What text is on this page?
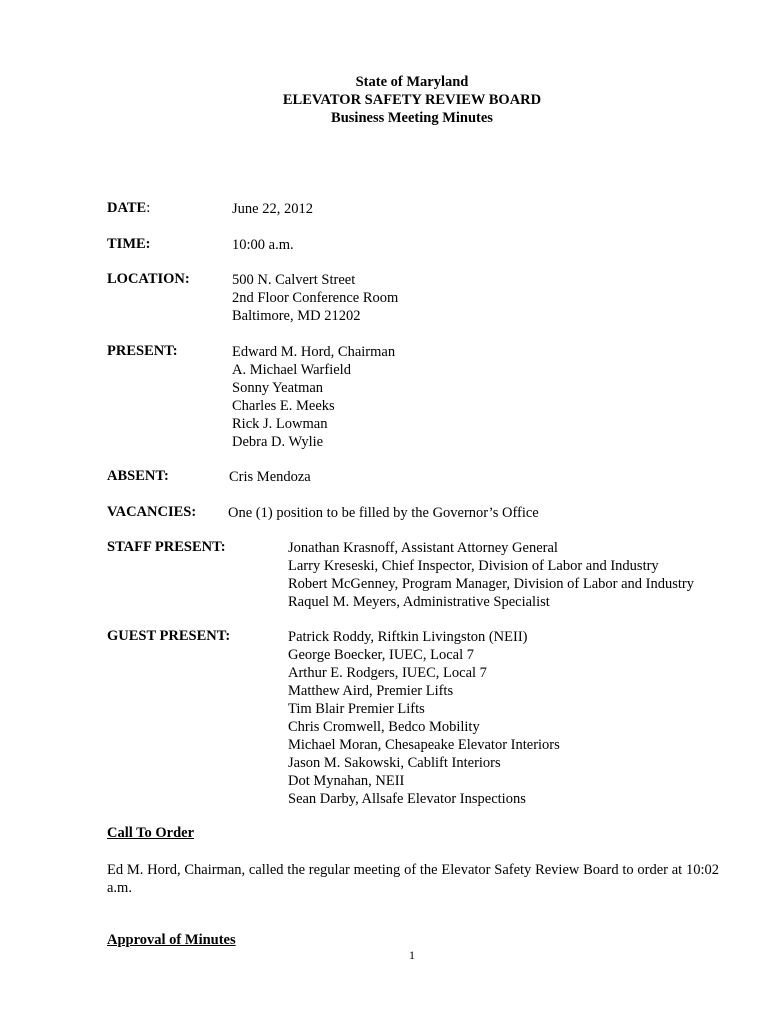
State of Maryland
ELEVATOR SAFETY REVIEW BOARD
Business Meeting Minutes
DATE:	June 22, 2012
TIME:	10:00 a.m.
LOCATION:	500 N. Calvert Street
2nd Floor Conference Room
Baltimore, MD 21202
PRESENT:	Edward M. Hord, Chairman
A. Michael Warfield
Sonny Yeatman
Charles E. Meeks
Rick J. Lowman
Debra D. Wylie
ABSENT:	Cris Mendoza
VACANCIES: One (1) position to be filled by the Governor’s Office
STAFF PRESENT:	Jonathan Krasnoff, Assistant Attorney General
Larry Kreseski, Chief Inspector, Division of Labor and Industry
Robert McGenney, Program Manager, Division of Labor and Industry
Raquel M. Meyers, Administrative Specialist
GUEST PRESENT:	Patrick Roddy, Riftkin Livingston (NEII)
George Boecker, IUEC, Local 7
Arthur E. Rodgers, IUEC, Local 7
Matthew Aird, Premier Lifts
Tim Blair Premier Lifts
Chris Cromwell, Bedco Mobility
Michael Moran, Chesapeake Elevator Interiors
Jason M. Sakowski, Cablift Interiors
Dot Mynahan, NEII
Sean Darby, Allsafe Elevator Inspections
Call To Order
Ed M. Hord, Chairman, called the regular meeting of the Elevator Safety Review Board to order at 10:02 a.m.
Approval of Minutes
1
